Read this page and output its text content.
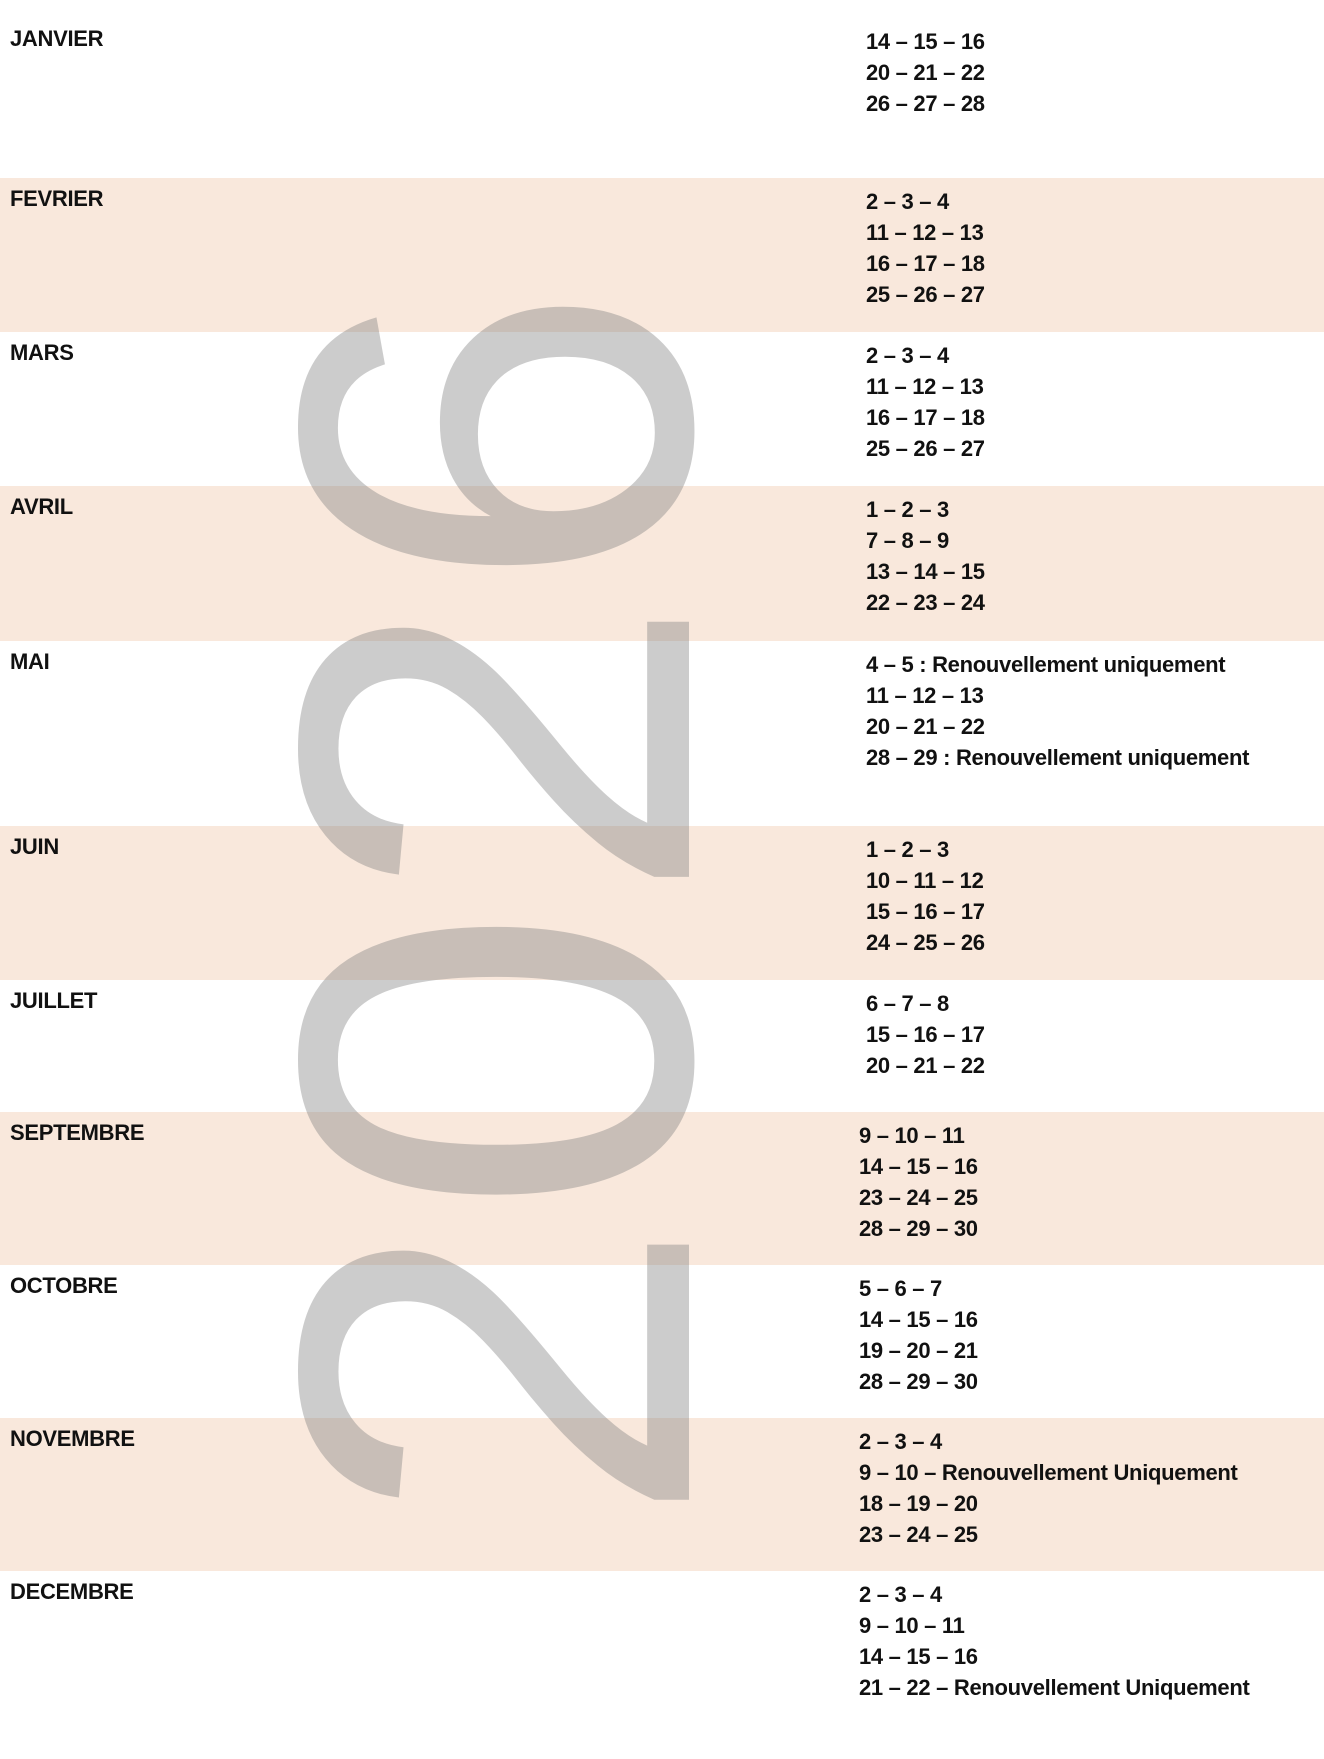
JANVIER	14 – 15 – 16
20 – 21 – 22
26 – 27 – 28
FEVRIER	2 – 3 – 4
11 – 12 – 13
16 – 17 – 18
25 – 26 – 27
MARS	2 – 3 – 4
11 – 12 – 13
16 – 17 – 18
25 – 26 – 27
AVRIL	1 – 2 – 3
7 – 8 – 9
13 – 14 – 15
22 – 23 – 24
MAI	4 – 5 : Renouvellement uniquement
11 – 12 – 13
20 – 21 – 22
28 – 29 : Renouvellement uniquement
JUIN	1 – 2 – 3
10 – 11 – 12
15 – 16 – 17
24 – 25 – 26
JUILLET	6 – 7 – 8
15 – 16 – 17
20 – 21 – 22
SEPTEMBRE	9 – 10 – 11
14 – 15 – 16
23 – 24 – 25
28 – 29 – 30
OCTOBRE	5 – 6 – 7
14 – 15 – 16
19 – 20 – 21
28 – 29 – 30
NOVEMBRE	2 – 3 – 4
9 – 10 – Renouvellement Uniquement
18 – 19 – 20
23 – 24 – 25
DECEMBRE	2 – 3 – 4
9 – 10 – 11
14 – 15 – 16
21 – 22 – Renouvellement Uniquement
2026
